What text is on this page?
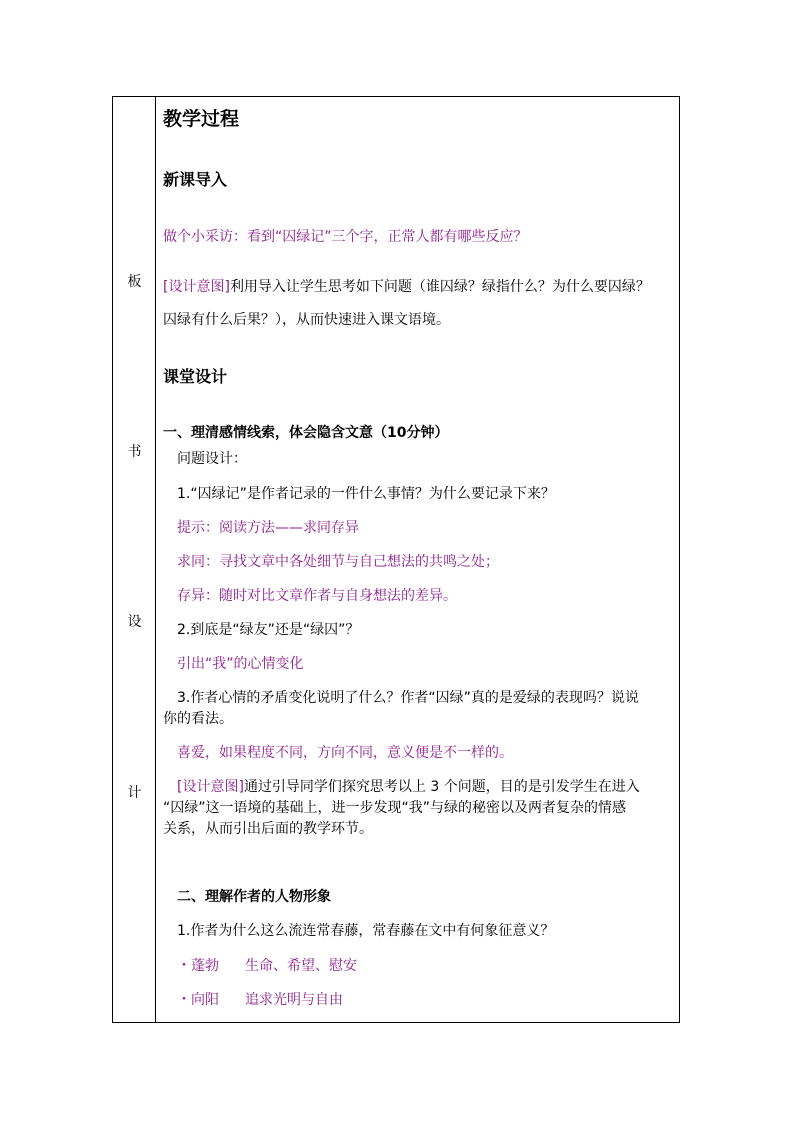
板
书
设
计
教学过程
新课导入
做个小采访：看到“囚绿记”三个字，正常人都有哪些反应？
[设计意图]利用导入让学生思考如下问题（谁囚绿？绿指什么？为什么要囚绿？
囚绿有什么后果？），从而快速进入课文语境。
课堂设计
一、理清感情线索，体会隐含文意（10分钟）
问题设计：
1.“囚绿记”是作者记录的一件什么事情？为什么要记录下来？
提示：阅读方法——求同存异
求同：寻找文章中各处细节与自己想法的共鸣之处；
存异：随时对比文章作者与自身想法的差异。
2.到底是“绿友”还是“绿囚”？
引出“我”的心情变化
3.作者心情的矛盾变化说明了什么？作者“囚绿”真的是爱绿的表现吗？说说
你的看法。
喜爱，如果程度不同，方向不同，意义便是不一样的。
[设计意图]通过引导同学们探究思考以上 3 个问题，目的是引发学生在进入
“囚绿”这一语境的基础上，进一步发现“我”与绿的秘密以及两者复杂的情感
关系，从而引出后面的教学环节。
二、理解作者的人物形象
1.作者为什么这么流连常春藤，常春藤在文中有何象征意义？
・蓬勃 生命、希望、慰安
・向阳 追求光明与自由
